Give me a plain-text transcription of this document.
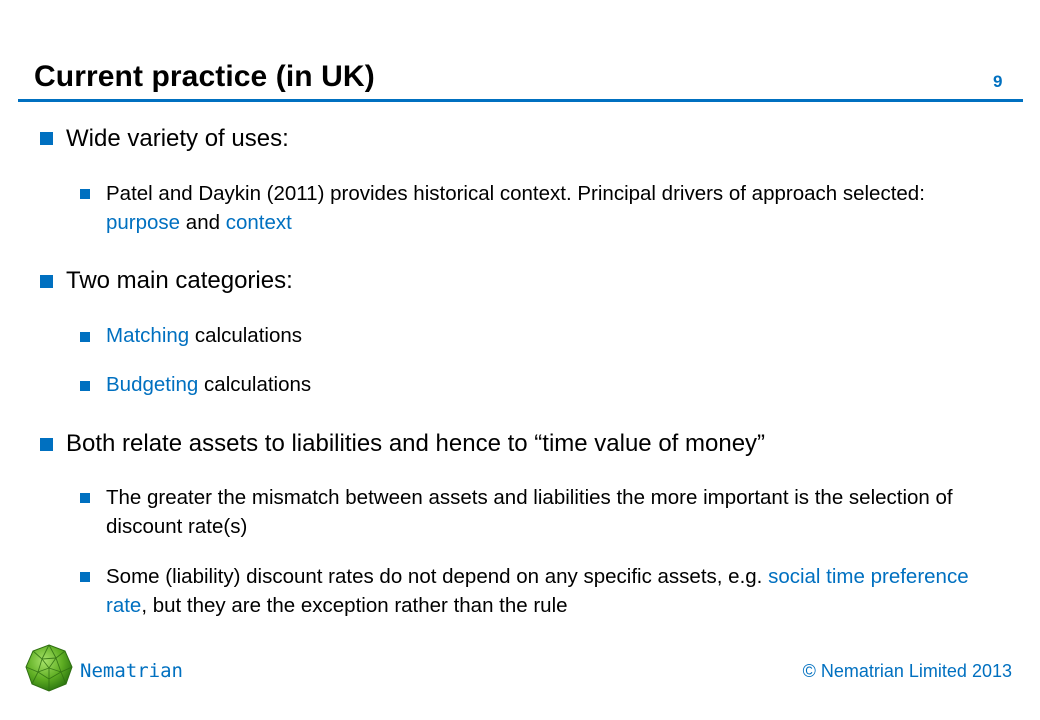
Current practice (in UK)	9
Wide variety of uses:
Patel and Daykin (2011) provides historical context. Principal drivers of approach selected: purpose and context
Two main categories:
Matching calculations
Budgeting calculations
Both relate assets to liabilities and hence to “time value of money”
The greater the mismatch between assets and liabilities the more important is the selection of discount rate(s)
Some (liability) discount rates do not depend on any specific assets, e.g. social time preference rate, but they are the exception rather than the rule
Nematrian	© Nematrian Limited 2013
